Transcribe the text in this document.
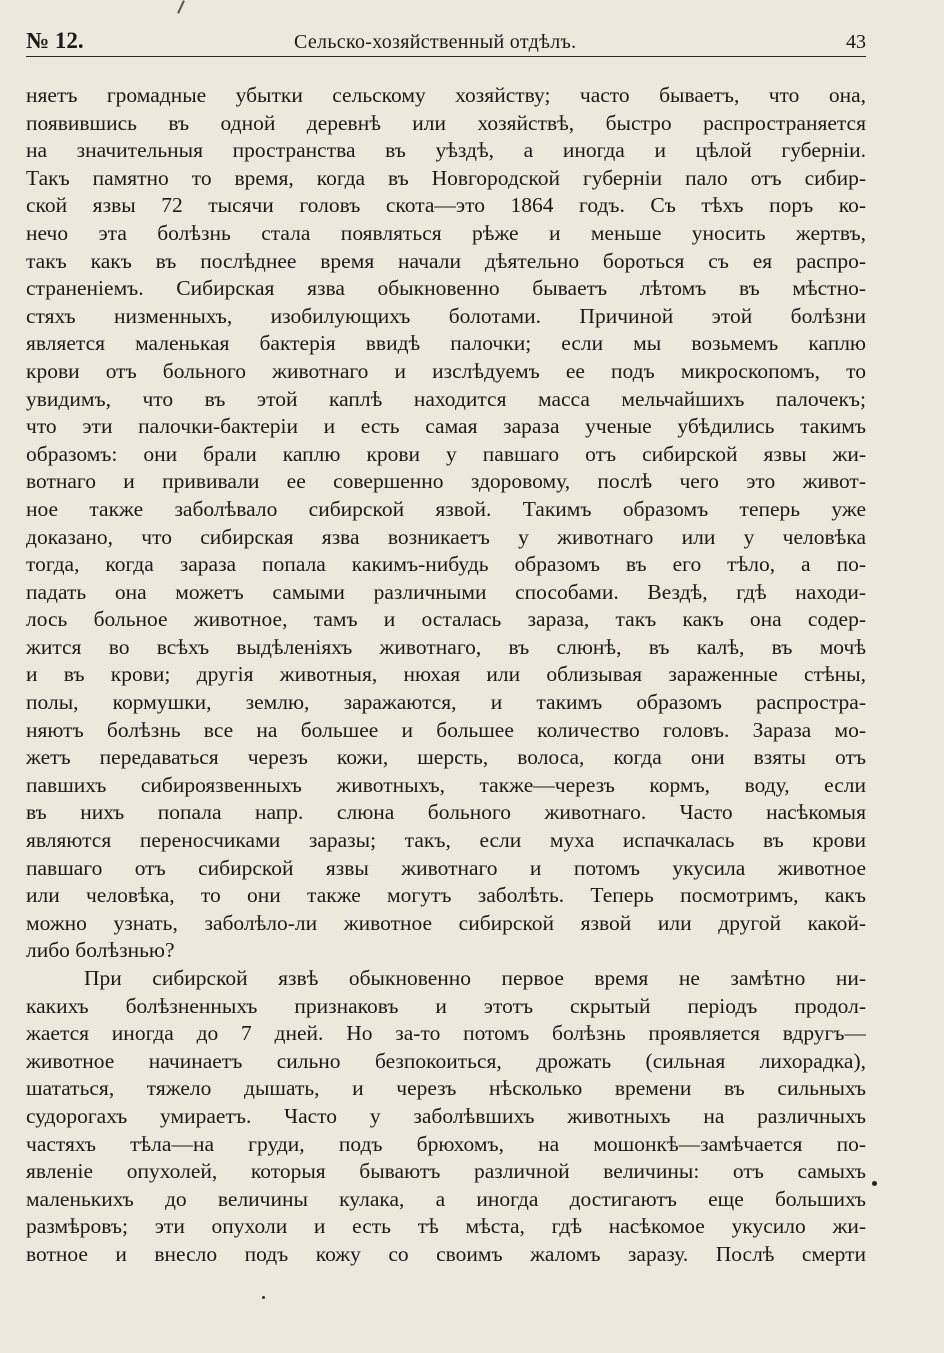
№ 12.	Сельско-хозяйственный отдѣлъ.	43
няетъ громадные убытки сельскому хозяйству; часто бываетъ, что она,
появившись въ одной деревнѣ или хозяйствѣ, быстро распространяется
на значительныя пространства въ уѣздѣ, а иногда и цѣлой губерніи.
Такъ памятно то время, когда въ Новгородской губерніи пало отъ сибир-
ской язвы 72 тысячи головъ скота—это 1864 годъ. Съ тѣхъ поръ ко-
нечо эта болѣзнь стала появляться рѣже и меньше уносить жертвъ,
такъ какъ въ послѣднее время начали дѣятельно бороться съ ея распро-
страненіемъ. Сибирская язва обыкновенно бываетъ лѣтомъ въ мѣстно-
стяхъ низменныхъ, изобилующихъ болотами. Причиной этой болѣзни
является маленькая бактерія ввидѣ палочки; если мы возьмемъ каплю
крови отъ больного животнаго и изслѣдуемъ ее подъ микроскопомъ, то
увидимъ, что въ этой каплѣ находится масса мельчайшихъ палочекъ;
что эти палочки-бактеріи и есть самая зараза ученые убѣдились такимъ
образомъ: они брали каплю крови у павшаго отъ сибирской язвы жи-
вотнаго и прививали ее совершенно здоровому, послѣ чего это живот-
ное также заболѣвало сибирской язвой. Такимъ образомъ теперь уже
доказано, что сибирская язва возникаетъ у животнаго или у человѣка
тогда, когда зараза попала какимъ-нибудь образомъ въ его тѣло, а по-
падать она можетъ самыми различными способами. Вездѣ, гдѣ находи-
лось больное животное, тамъ и осталась зараза, такъ какъ она содер-
жится во всѣхъ выдѣленіяхъ животнаго, въ слюнѣ, въ калѣ, въ мочѣ
и въ крови; другія животныя, нюхая или облизывая зараженные стѣны,
полы, кормушки, землю, заражаются, и такимъ образомъ распростра-
няютъ болѣзнь все на большее и большее количество головъ. Зараза мо-
жетъ передаваться черезъ кожи, шерсть, волоса, когда они взяты отъ
павшихъ сибироязвенныхъ животныхъ, также—черезъ кормъ, воду, если
въ нихъ попала напр. слюна больного животнаго. Часто насѣкомыя
являются переносчиками заразы; такъ, если муха испачкалась въ крови
павшаго отъ сибирской язвы животнаго и потомъ укусила животное
или человѣка, то они также могутъ заболѣть. Теперь посмотримъ, какъ
можно узнать, заболѣло-ли животное сибирской язвой или другой какой-
либо болѣзнью?
При сибирской язвѣ обыкновенно первое время не замѣтно ни-
какихъ болѣзненныхъ признаковъ и этотъ скрытый періодъ продол-
жается иногда до 7 дней. Но за-то потомъ болѣзнь проявляется вдругъ—
животное начинаетъ сильно безпокоиться, дрожать (сильная лихорадка),
шататься, тяжело дышать, и черезъ нѣсколько времени въ сильныхъ
судорогахъ умираетъ. Часто у заболѣвшихъ животныхъ на различныхъ
частяхъ тѣла—на груди, подъ брюхомъ, на мошонкѣ—замѣчается по-
явленіе опухолей, которыя бываютъ различной величины: отъ самыхъ
маленькихъ до величины кулака, а иногда достигаютъ еще большихъ
размѣровъ; эти опухоли и есть тѣ мѣста, гдѣ насѣкомое укусило жи-
вотное и внесло подъ кожу со своимъ жаломъ заразу. Послѣ смерти
